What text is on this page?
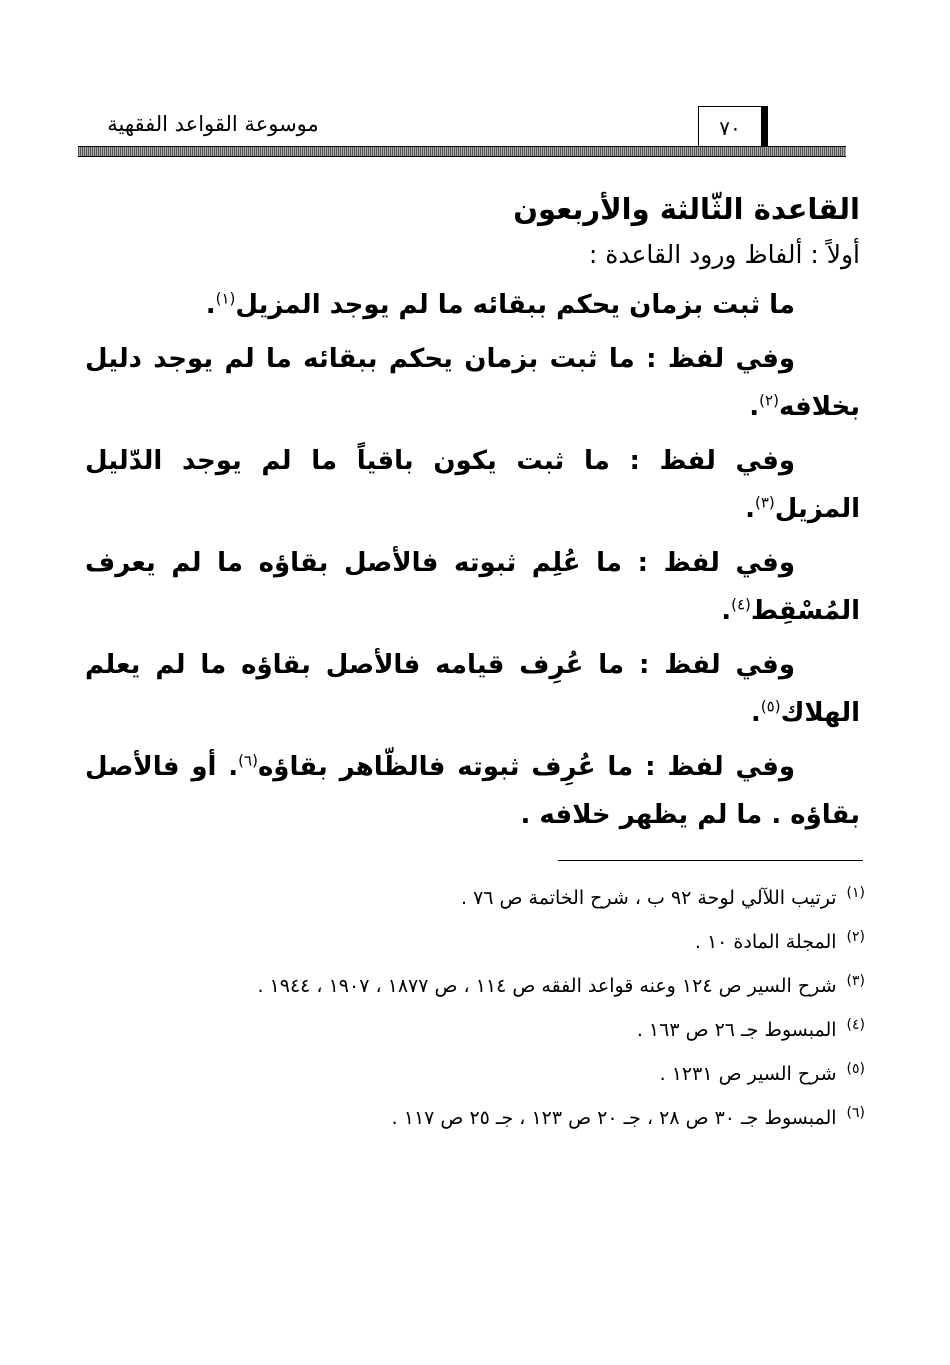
موسوعة القواعد الفقهية	٧٠
القاعدة الثّالثة والأربعون

أولاً : ألفاظ ورود القاعدة :

ما ثبت بزمان يحكم ببقائه ما لم يوجد المزيل$^{(١)}$.

وفي لفظ : ما ثبت بزمان يحكم ببقائه ما لم يوجد دليل بخلافه$^{(٢)}$.

وفي لفظ : ما ثبت يكون باقياً ما لم يوجد الدّليل المزيل$^{(٣)}$.

وفي لفظ : ما عُلِم ثبوته فالأصل بقاؤه ما لم يعرف المُسْقِط$^{(٤)}$.

وفي لفظ : ما عُرِف قيامه فالأصل بقاؤه ما لم يعلم الهلاك$^{(٥)}$.

وفي لفظ : ما عُرِف ثبوته فالظّاهر بقاؤه$^{(٦)}$. أو فالأصل بقاؤه . ما لم يظهر خلافه .

$^{(١)}$ترتيب اللآلي لوحة ٩٢ ب ، شرح الخاتمة ص ٧٦ .

$^{(٢)}$المجلة المادة ١٠ .

$^{(٣)}$شرح السير ص ١٢٤ وعنه قواعد الفقه ص ١١٤ ، ص ١٨٧٧ ، ١٩٠٧ ، ١٩٤٤ .

$^{(٤)}$المبسوط جـ ٢٦ ص ١٦٣ .

$^{(٥)}$شرح السير ص ١٢٣١ .

$^{(٦)}$المبسوط جـ ٣٠ ص ٢٨ ، جـ ٢٠ ص ١٢٣ ، جـ ٢٥ ص ١١٧ .
